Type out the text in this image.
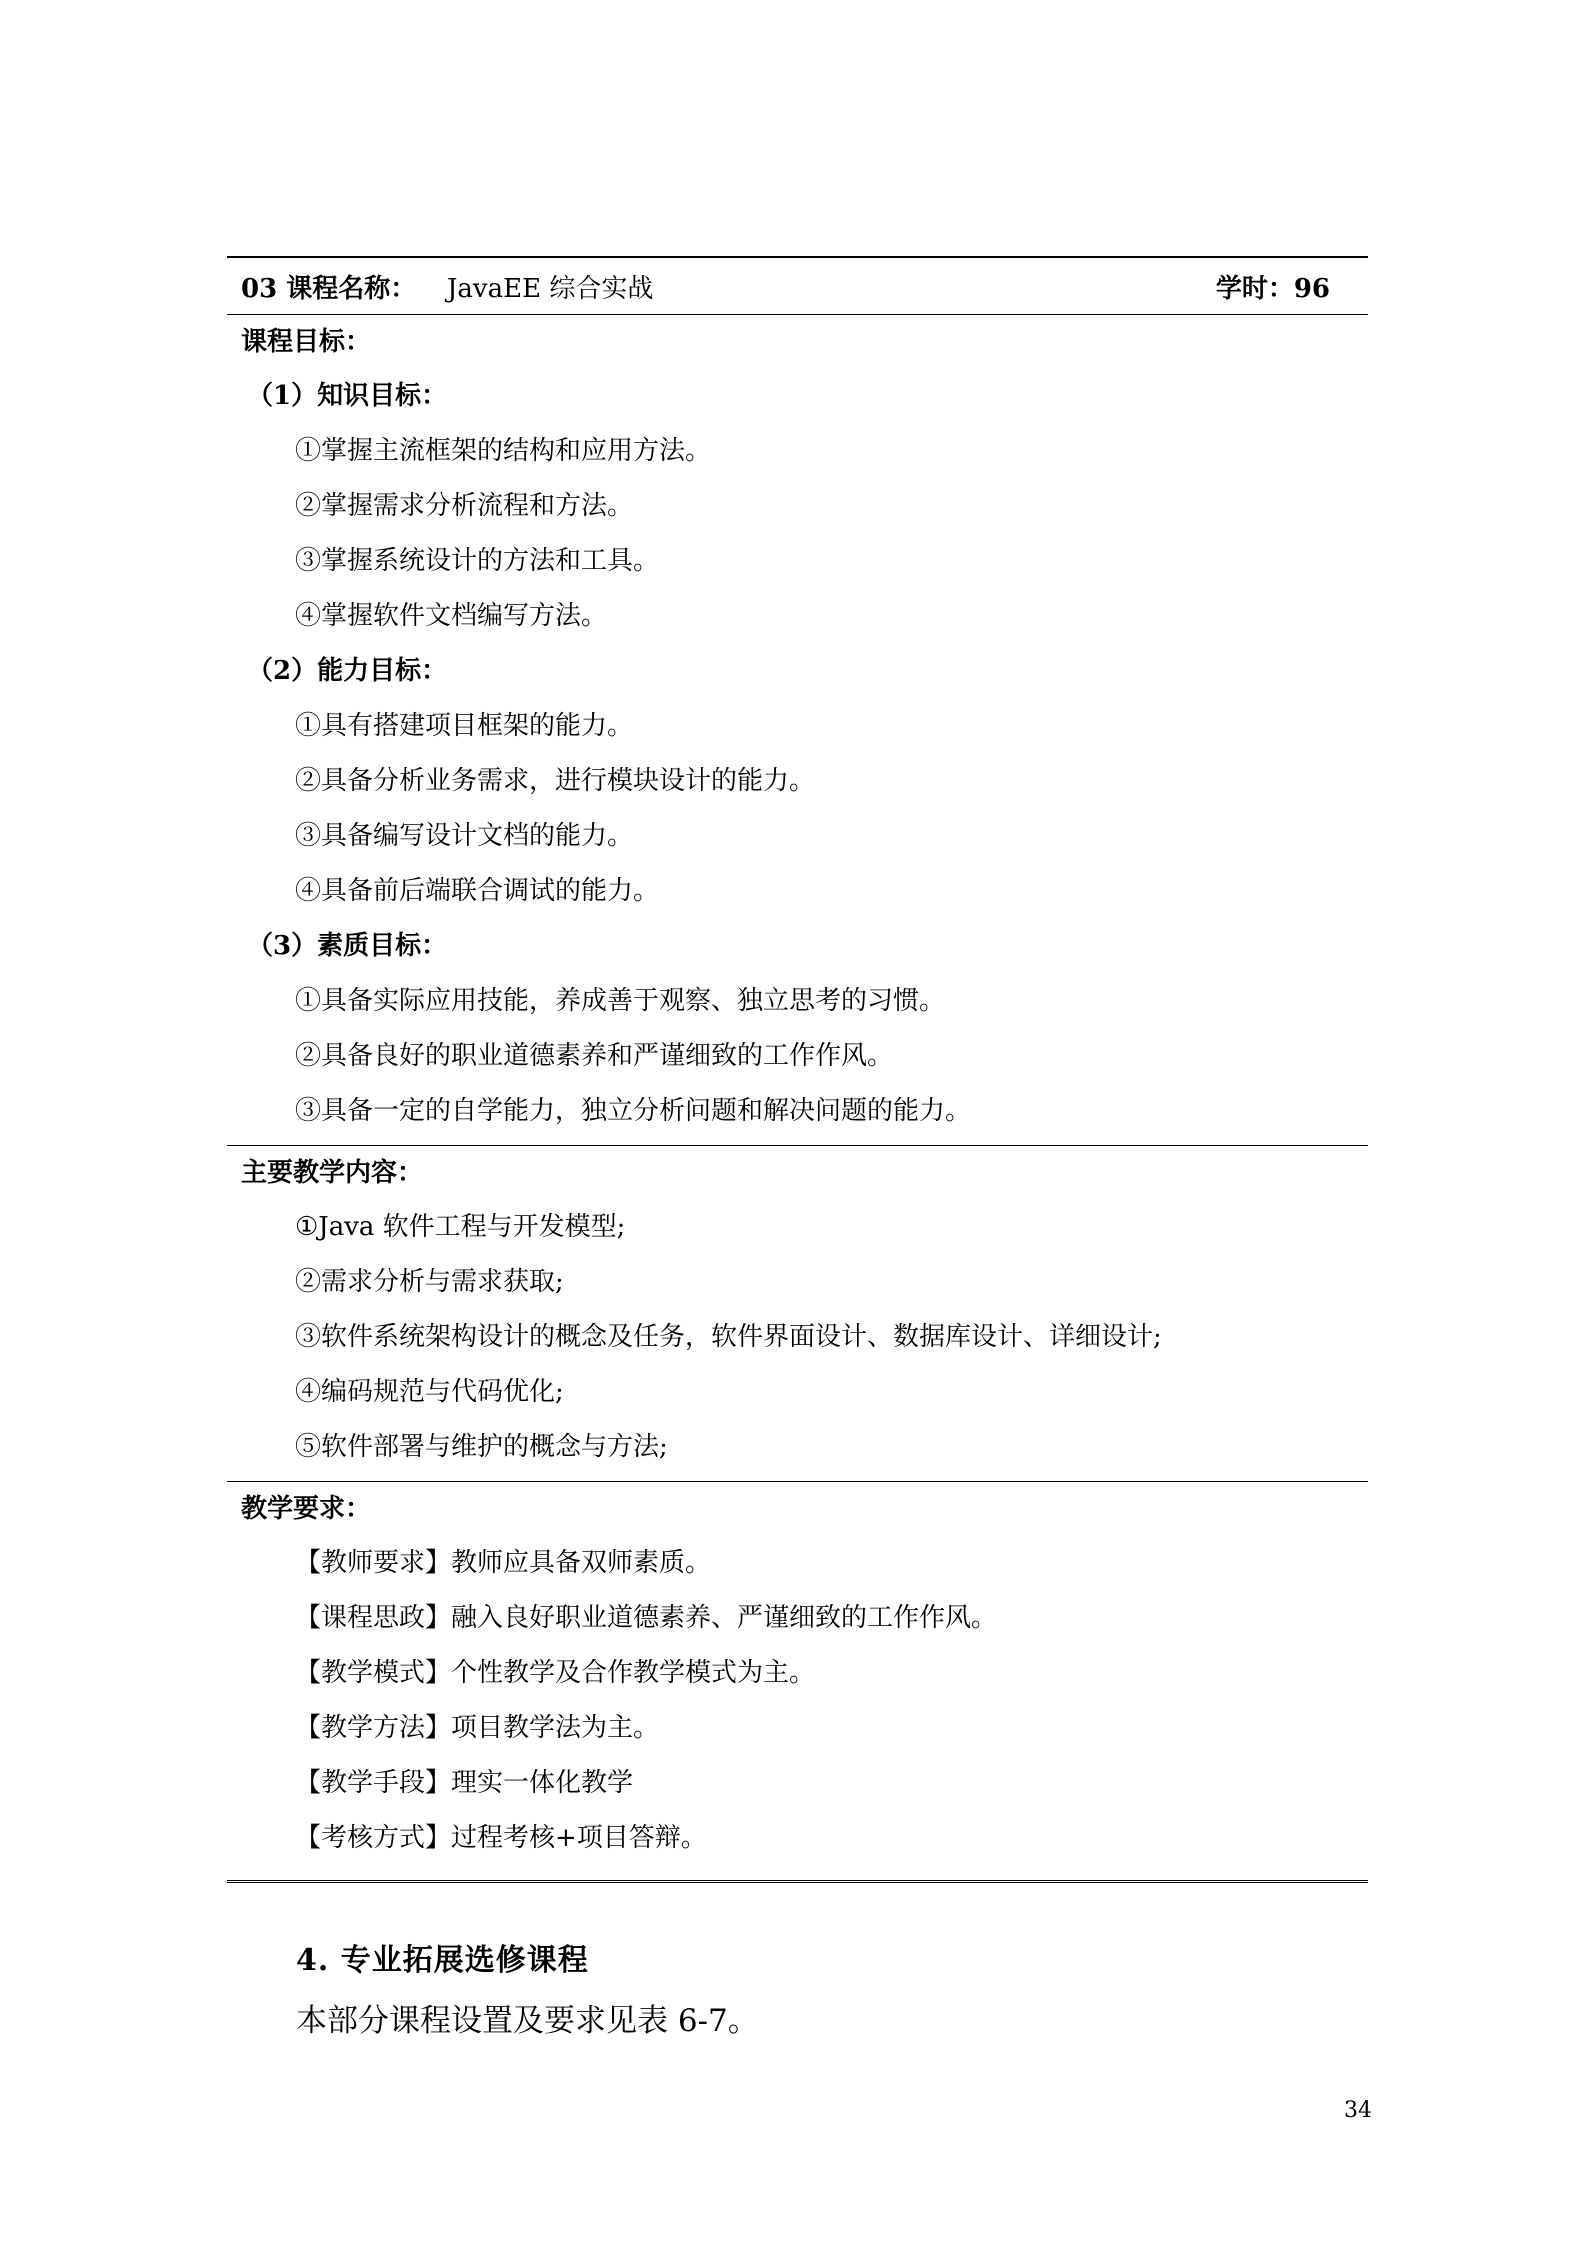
03 课程名称： JavaEE 综合实战	学时：96
课程目标：
（1）知识目标：
①掌握主流框架的结构和应用方法。
②掌握需求分析流程和方法。
③掌握系统设计的方法和工具。
④掌握软件文档编写方法。
（2）能力目标：
①具有搭建项目框架的能力。
②具备分析业务需求，进行模块设计的能力。
③具备编写设计文档的能力。
④具备前后端联合调试的能力。
（3）素质目标：
①具备实际应用技能，养成善于观察、独立思考的习惯。
②具备良好的职业道德素养和严谨细致的工作作风。
③具备一定的自学能力，独立分析问题和解决问题的能力。
主要教学内容：
①Java 软件工程与开发模型;
②需求分析与需求获取;
③软件系统架构设计的概念及任务，软件界面设计、数据库设计、详细设计;
④编码规范与代码优化;
⑤软件部署与维护的概念与方法;
教学要求：
【教师要求】教师应具备双师素质。
【课程思政】融入良好职业道德素养、严谨细致的工作作风。
【教学模式】个性教学及合作教学模式为主。
【教学方法】项目教学法为主。
【教学手段】理实一体化教学
【考核方式】过程考核+项目答辩。
4. 专业拓展选修课程
本部分课程设置及要求见表 6-7。
34
